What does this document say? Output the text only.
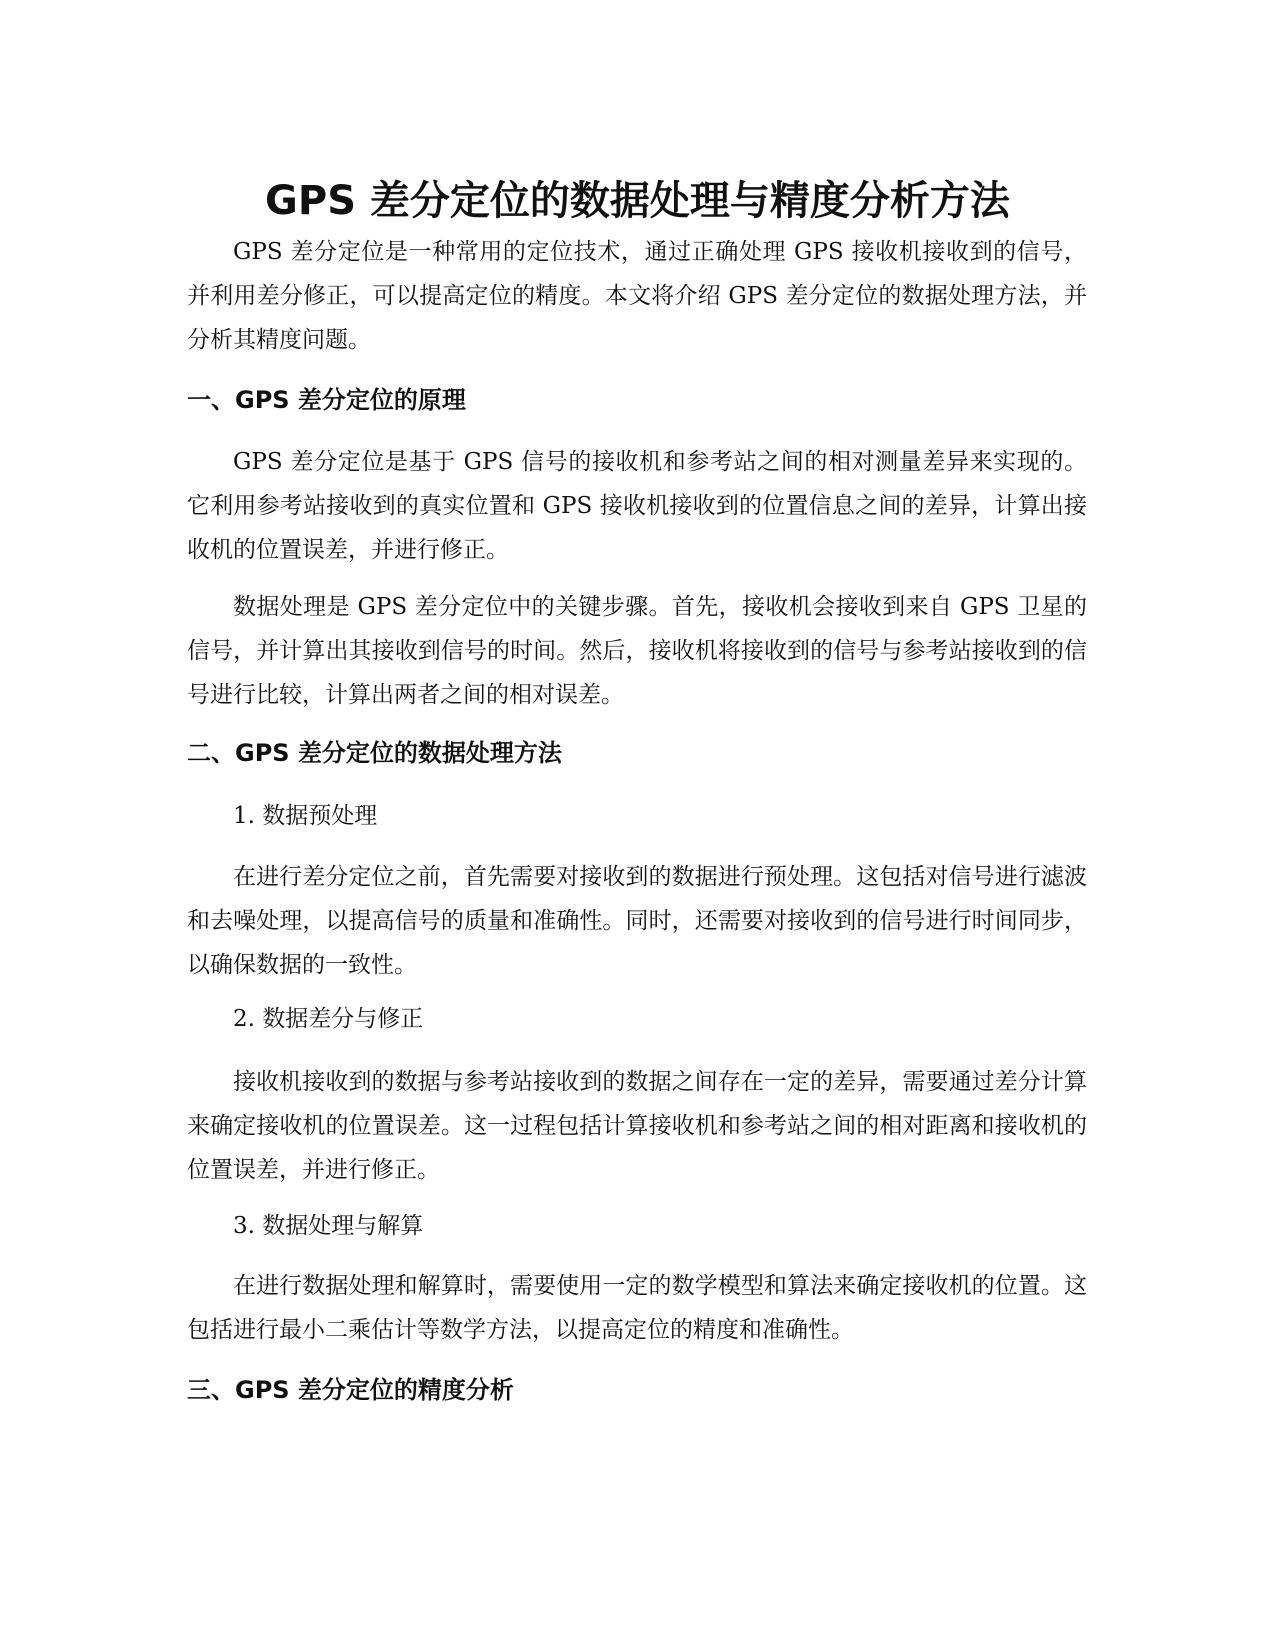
GPS 差分定位的数据处理与精度分析方法

GPS 差分定位是一种常用的定位技术，通过正确处理 GPS 接收机接收到的信号，并利用差分修正，可以提高定位的精度。本文将介绍 GPS 差分定位的数据处理方法，并分析其精度问题。

一、GPS 差分定位的原理

GPS 差分定位是基于 GPS 信号的接收机和参考站之间的相对测量差异来实现的。它利用参考站接收到的真实位置和 GPS 接收机接收到的位置信息之间的差异，计算出接收机的位置误差，并进行修正。

数据处理是 GPS 差分定位中的关键步骤。首先，接收机会接收到来自 GPS 卫星的信号，并计算出其接收到信号的时间。然后，接收机将接收到的信号与参考站接收到的信号进行比较，计算出两者之间的相对误差。

二、GPS 差分定位的数据处理方法

1. 数据预处理

在进行差分定位之前，首先需要对接收到的数据进行预处理。这包括对信号进行滤波和去噪处理，以提高信号的质量和准确性。同时，还需要对接收到的信号进行时间同步，以确保数据的一致性。

2. 数据差分与修正

接收机接收到的数据与参考站接收到的数据之间存在一定的差异，需要通过差分计算来确定接收机的位置误差。这一过程包括计算接收机和参考站之间的相对距离和接收机的位置误差，并进行修正。

3. 数据处理与解算

在进行数据处理和解算时，需要使用一定的数学模型和算法来确定接收机的位置。这包括进行最小二乘估计等数学方法，以提高定位的精度和准确性。

三、GPS 差分定位的精度分析
